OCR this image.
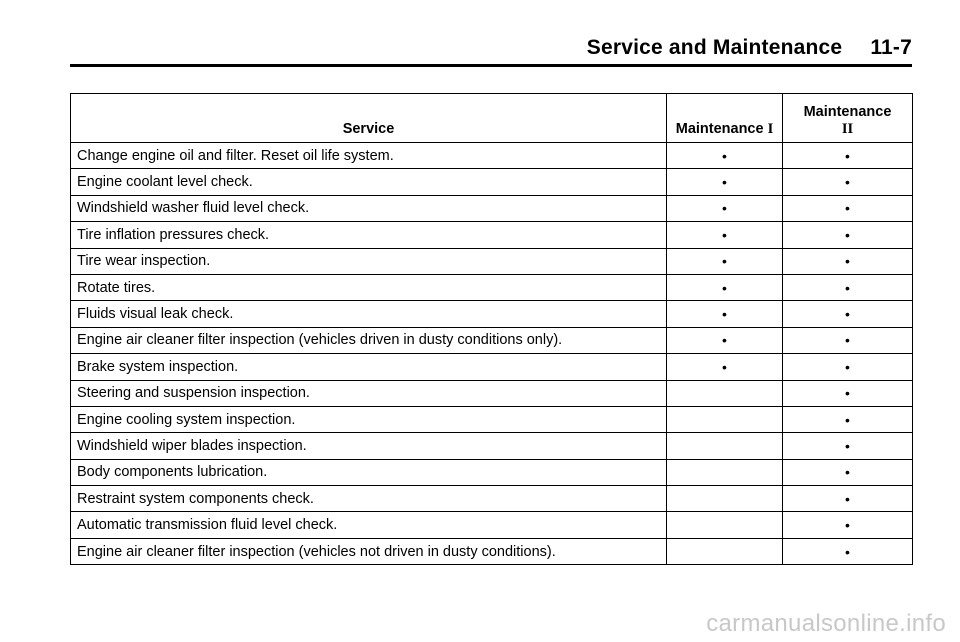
Service and Maintenance 11-7
Service	Maintenance I	Maintenance
II
Change engine oil and filter. Reset oil life system.	•	•
Engine coolant level check.	•	•
Windshield washer fluid level check.	•	•
Tire inflation pressures check.	•	•
Tire wear inspection.	•	•
Rotate tires.	•	•
Fluids visual leak check.	•	•
Engine air cleaner filter inspection (vehicles driven in dusty conditions only).	•	•
Brake system inspection.	•	•
Steering and suspension inspection.		•
Engine cooling system inspection.		•
Windshield wiper blades inspection.		•
Body components lubrication.		•
Restraint system components check.		•
Automatic transmission fluid level check.		•
Engine air cleaner filter inspection (vehicles not driven in dusty conditions).		•
carmanualsonline.info
